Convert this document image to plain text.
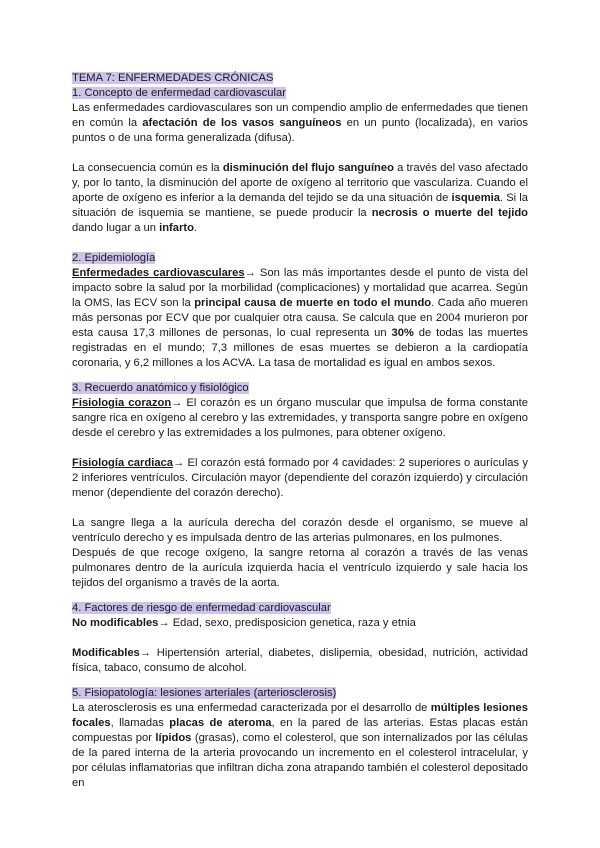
TEMA 7: ENFERMEDADES CRÓNICAS
1. Concepto de enfermedad cardiovascular

Las enfermedades cardiovasculares son un compendio amplio de enfermedades que tienen en común la afectación de los vasos sanguíneos en un punto (localizada), en varios puntos o de una forma generalizada (difusa).

La consecuencia común es la disminución del flujo sanguíneo a través del vaso afectado y, por lo tanto, la disminución del aporte de oxígeno al territorio que vasculariza. Cuando el aporte de oxígeno es inferior a la demanda del tejido se da una situación de isquemia. Si la situación de isquemia se mantiene, se puede producir la necrosis o muerte del tejido dando lugar a un infarto.

2. Epidemiología

Enfermedades cardiovasculares→ Son las más importantes desde el punto de vista del impacto sobre la salud por la morbilidad (complicaciones) y mortalidad que acarrea. Según la OMS, las ECV son la principal causa de muerte en todo el mundo. Cada año mueren más personas por ECV que por cualquier otra causa. Se calcula que en 2004 murieron por esta causa 17,3 millones de personas, lo cual representa un 30% de todas las muertes registradas en el mundo; 7,3 millones de esas muertes se debieron a la cardiopatía coronaria, y 6,2 millones a los ACVA. La tasa de mortalidad es igual en ambos sexos.

3. Recuerdo anatómico y fisiológico

Fisiologia corazon→ El corazón es un órgano muscular que impulsa de forma constante sangre rica en oxígeno al cerebro y las extremidades, y transporta sangre pobre en oxígeno desde el cerebro y las extremidades a los pulmones, para obtener oxígeno.

Fisiología cardiaca→ El corazón está formado por 4 cavidades: 2 superiores o aurículas y 2 inferiores ventrículos. Circulación mayor (dependiente del corazón izquierdo) y circulación menor (dependiente del corazón derecho).

La sangre llega a la aurícula derecha del corazón desde el organismo, se mueve al ventrículo derecho y es impulsada dentro de las arterias pulmonares, en los pulmones.

Después de que recoge oxígeno, la sangre retorna al corazón a través de las venas pulmonares dentro de la aurícula izquierda hacia el ventrículo izquierdo y sale hacia los tejidos del organismo a través de la aorta.

4. Factores de riesgo de enfermedad cardiovascular

No modificables→ Edad, sexo, predisposicion genetica, raza y etnia

Modificables→ Hipertensión arterial, diabetes, dislipemia, obesidad, nutrición, actividad física, tabaco, consumo de alcohol.

5. Fisiopatología: lesiones arteriales (arteriosclerosis)

La aterosclerosis es una enfermedad caracterizada por el desarrollo de múltiples lesiones focales, llamadas placas de ateroma, en la pared de las arterias. Estas placas están compuestas por lípidos (grasas), como el colesterol, que son internalizados por las células de la pared interna de la arteria provocando un incremento en el colesterol intracelular, y por células inflamatorias que infiltran dicha zona atrapando también el colesterol depositado en
